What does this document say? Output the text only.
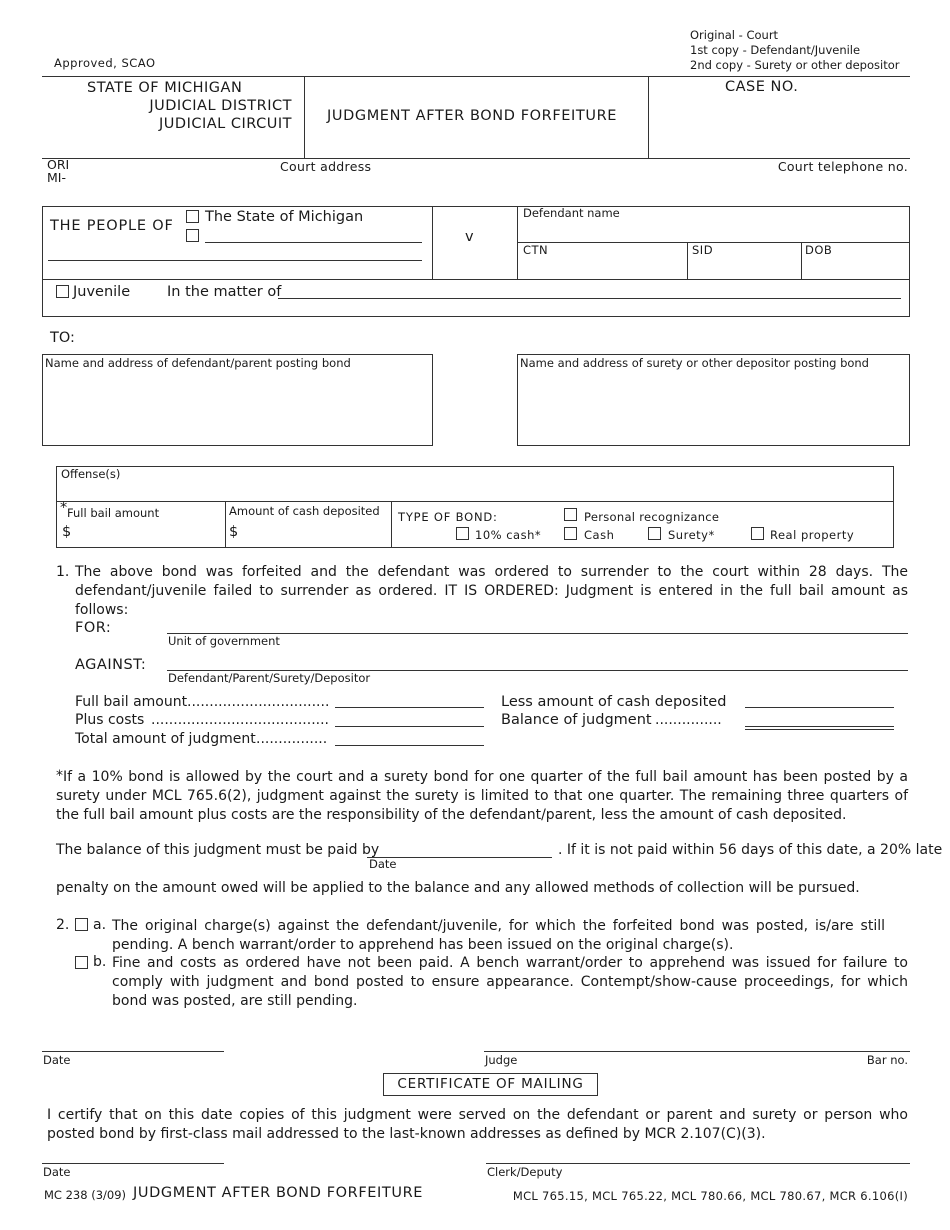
Approved, SCAO
Original - Court
1st copy - Defendant/Juvenile
2nd copy - Surety or other depositor
STATE OF MICHIGAN
JUDICIAL DISTRICT
JUDICIAL CIRCUIT JUDGMENT AFTER BOND FORFEITURE
CASE NO.
ORI
MI-
Court address	Court telephone no.
THE PEOPLE OF
The State of Michigan
v
Defendant name
CTN	SID	DOB
Juvenile	In the matter of
TO:
Name and address of defendant/parent posting bond	Name and address of surety or other depositor posting bond
Offense(s)
* Full bail amount
$
Amount of cash deposited
$
TYPE OF BOND:	Personal recognizance
10% cash*	Cash	Surety*	Real property
1. The above bond was forfeited and the defendant was ordered to surrender to the court within 28 days. The defendant/juvenile failed to surrender as ordered. IT IS ORDERED: Judgment is entered in the full bail amount as follows:
FOR:
Unit of government
AGAINST:
Defendant/Parent/Surety/Depositor
Full bail amount ................................
Plus costs ........................................
Total amount of judgment ................
Less amount of cash deposited
Balance of judgment ...............
* If a 10% bond is allowed by the court and a surety bond for one quarter of the full bail amount has been posted by a surety under MCL 765.6(2), judgment against the surety is limited to that one quarter. The remaining three quarters of the full bail amount plus costs are the responsibility of the defendant/parent, less the amount of cash deposited.
The balance of this judgment must be paid by
Date
. If it is not paid within 56 days of this date, a 20% late
penalty on the amount owed will be applied to the balance and any allowed methods of collection will be pursued.
2. a. The original charge(s) against the defendant/juvenile, for which the forfeited bond was posted, is/are still pending. A bench warrant/order to apprehend has been issued on the original charge(s).
b. Fine and costs as ordered have not been paid. A bench warrant/order to apprehend was issued for failure to comply with judgment and bond posted to ensure appearance. Contempt/show-cause proceedings, for which bond was posted, are still pending.
Date	Judge	Bar no.
CERTIFICATE OF MAILING
I certify that on this date copies of this judgment were served on the defendant or parent and surety or person who posted bond by first-class mail addressed to the last-known addresses as defined by MCR 2.107(C)(3).
Date	Clerk/Deputy
MC 238 (3/09) JUDGMENT AFTER BOND FORFEITURE	MCL 765.15, MCL 765.22, MCL 780.66, MCL 780.67, MCR 6.106(I)
